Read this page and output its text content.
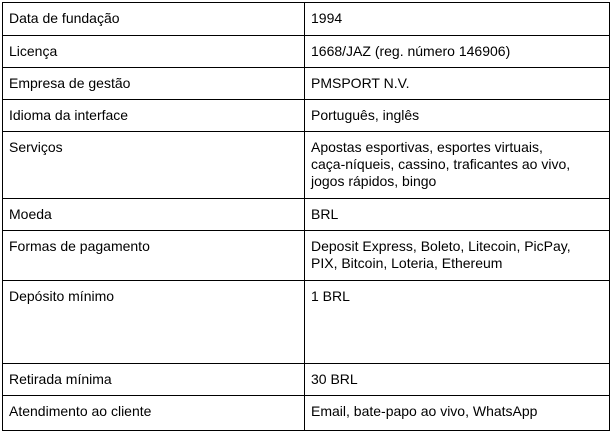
Data de fundação	1994
Licença	1668/JAZ (reg. número 146906)
Empresa de gestão	PMSPORT N.V.
Idioma da interface	Português, inglês
Serviços	Apostas esportivas, esportes virtuais,
caça-níqueis, cassino, traficantes ao vivo,
jogos rápidos, bingo
Moeda	BRL
Formas de pagamento	Deposit Express, Boleto, Litecoin, PicPay,
PIX, Bitcoin, Loteria, Ethereum
Depósito mínimo	1 BRL
Retirada mínima	30 BRL
Atendimento ao cliente	Email, bate-papo ao vivo, WhatsApp
